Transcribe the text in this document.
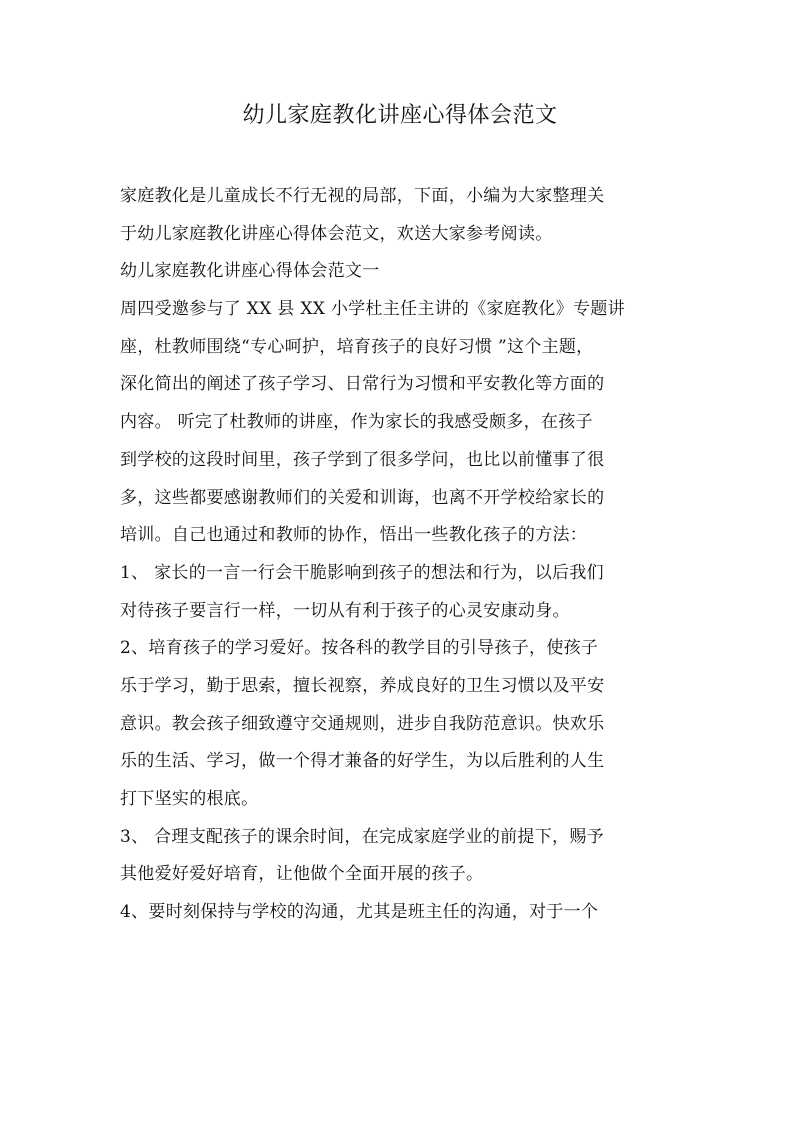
幼儿家庭教化讲座心得体会范文
家庭教化是儿童成长不行无视的局部，下面，小编为大家整理关
于幼儿家庭教化讲座心得体会范文，欢送大家参考阅读。
幼儿家庭教化讲座心得体会范文一
周四受邀参与了 XX 县 XX 小学杜主任主讲的《家庭教化》专题讲
座，杜教师围绕“专心呵护，培育孩子的良好习惯 ”这个主题，
深化简出的阐述了孩子学习、日常行为习惯和平安教化等方面的
内容。 听完了杜教师的讲座，作为家长的我感受颇多，在孩子
到学校的这段时间里，孩子学到了很多学问，也比以前懂事了很
多，这些都要感谢教师们的关爱和训诲，也离不开学校给家长的
培训。自己也通过和教师的协作，悟出一些教化孩子的方法：
1、 家长的一言一行会干脆影响到孩子的想法和行为，以后我们
对待孩子要言行一样，一切从有利于孩子的心灵安康动身。
2、培育孩子的学习爱好。按各科的教学目的引导孩子，使孩子
乐于学习，勤于思索，擅长视察，养成良好的卫生习惯以及平安
意识。教会孩子细致遵守交通规则，进步自我防范意识。快欢乐
乐的生活、学习，做一个得才兼备的好学生，为以后胜利的人生
打下坚实的根底。
3、 合理支配孩子的课余时间，在完成家庭学业的前提下，赐予
其他爱好爱好培育，让他做个全面开展的孩子。
4、要时刻保持与学校的沟通，尤其是班主任的沟通，对于一个
